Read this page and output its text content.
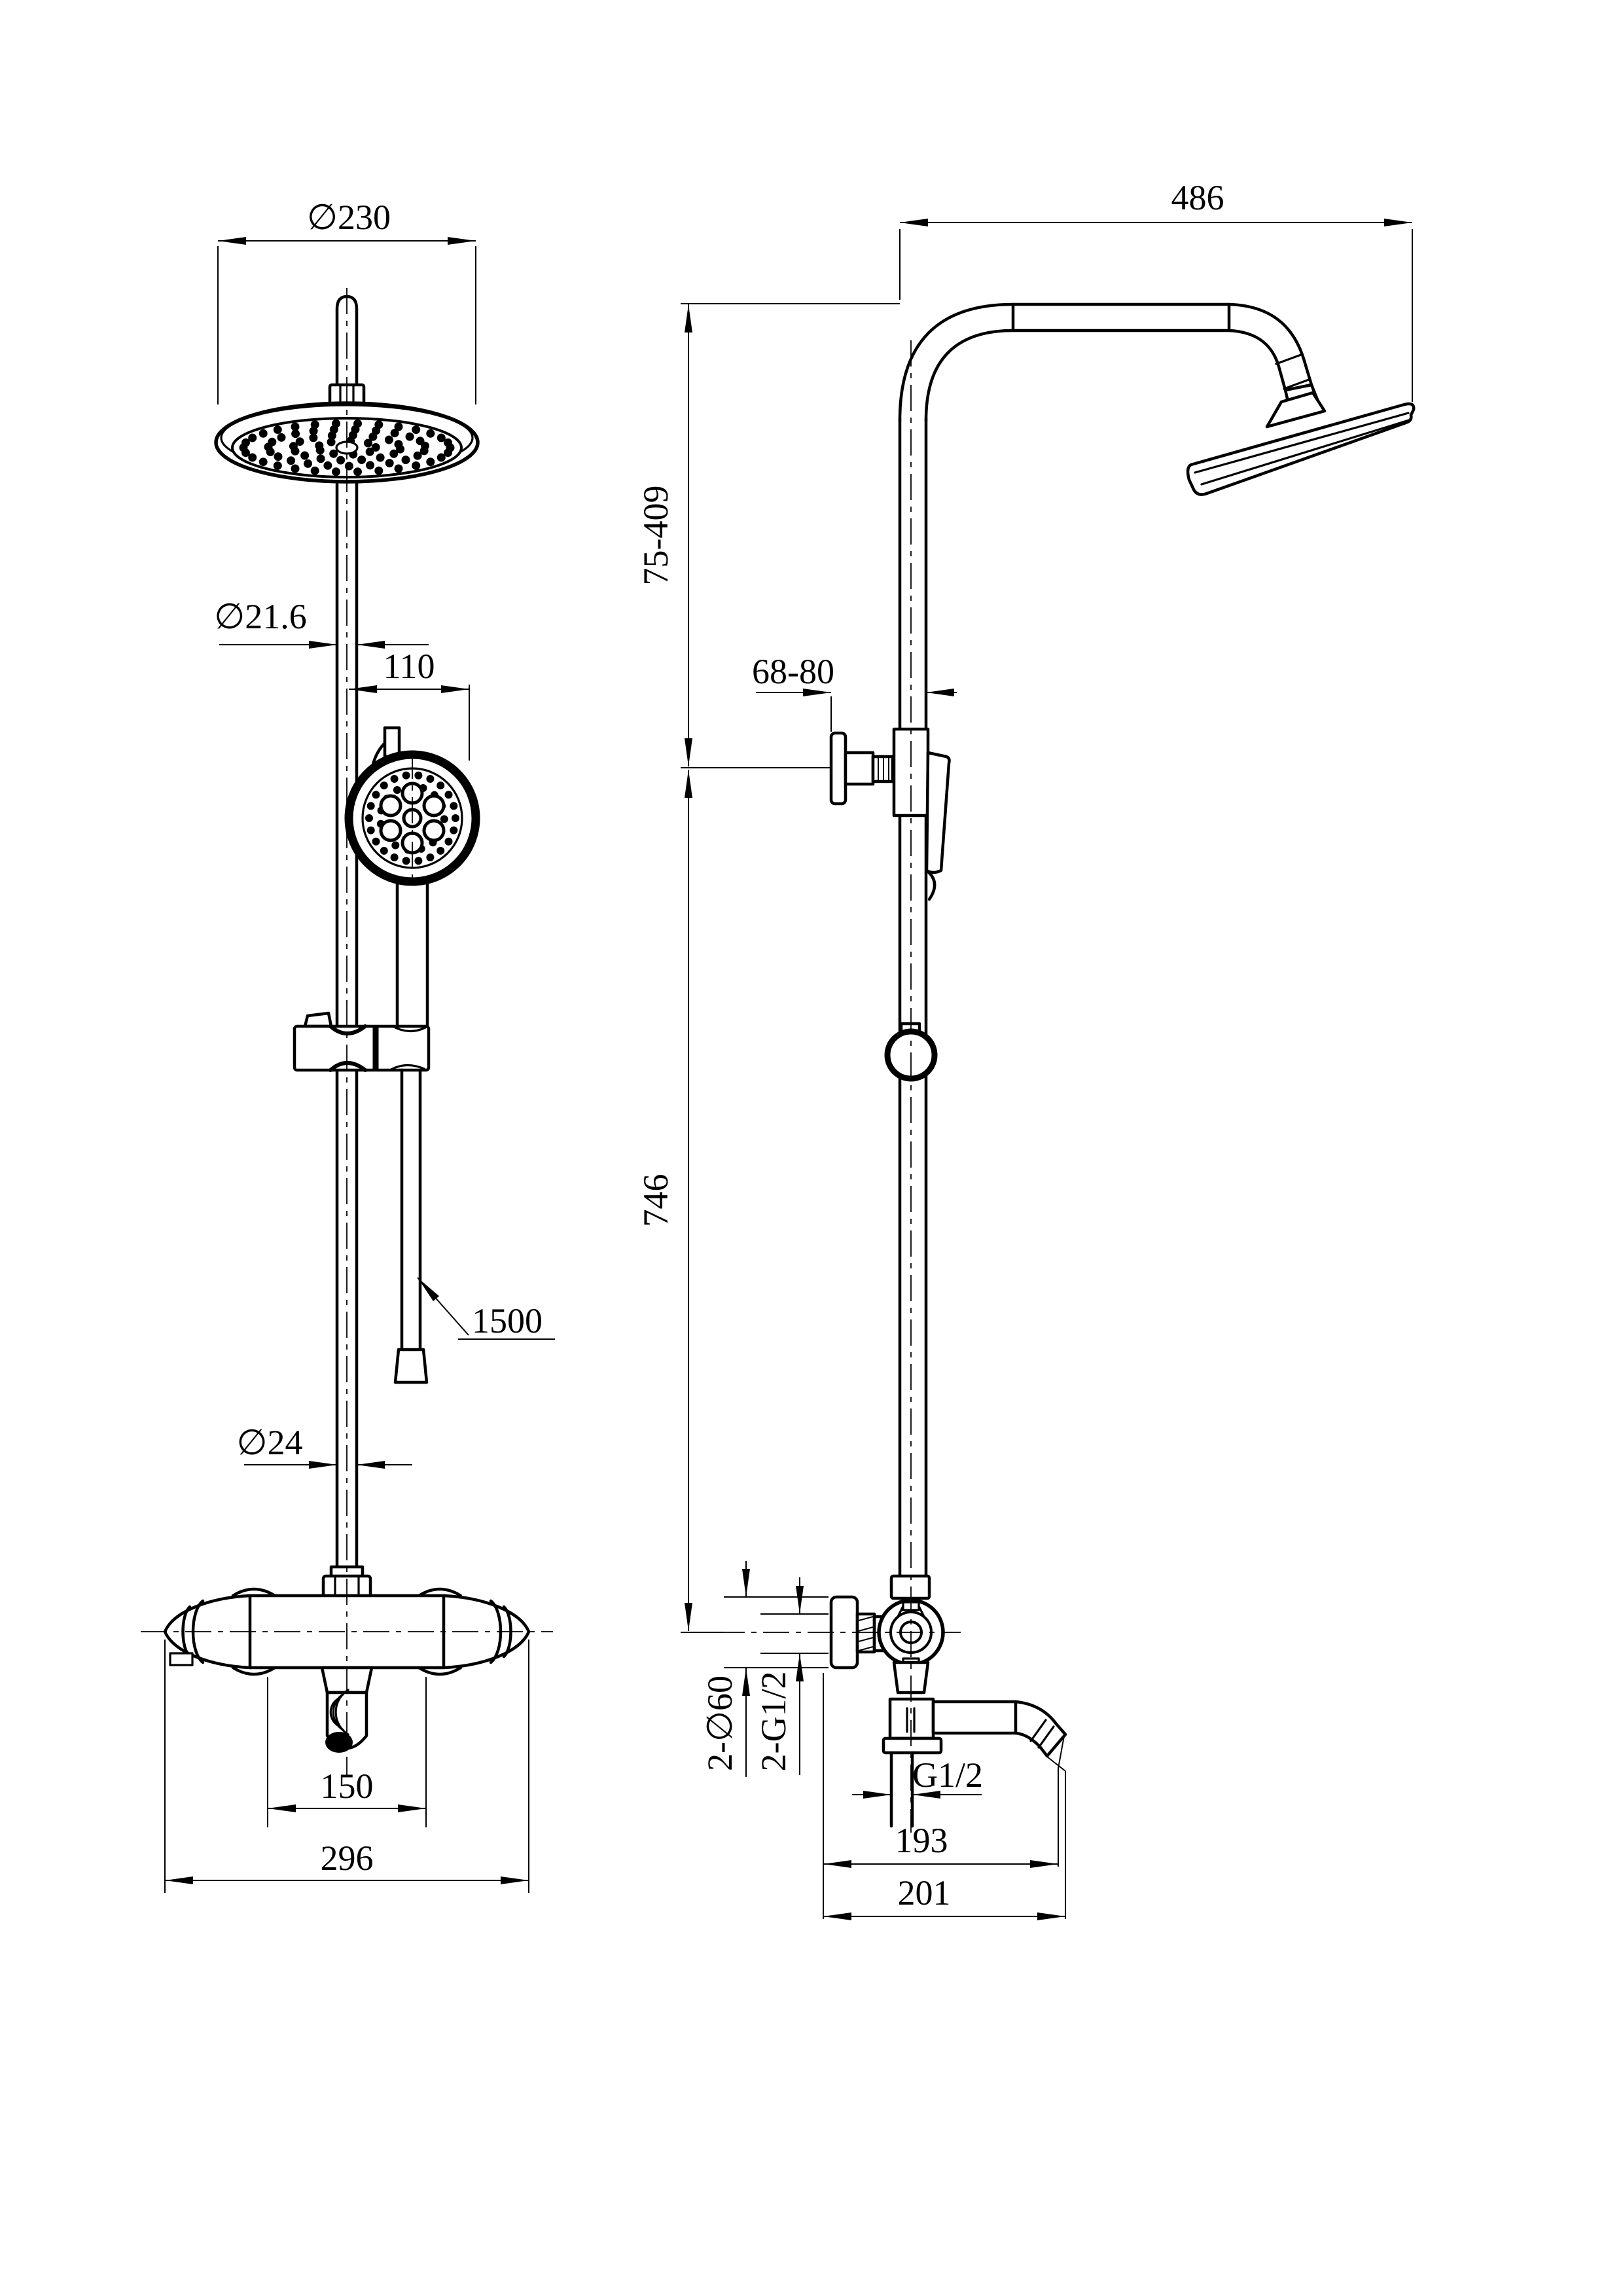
∅230
∅21.6
110
1500
∅24
150
296
486
75-409
746
68-80
2-∅60 2-G1/2
G1/2
193
201
